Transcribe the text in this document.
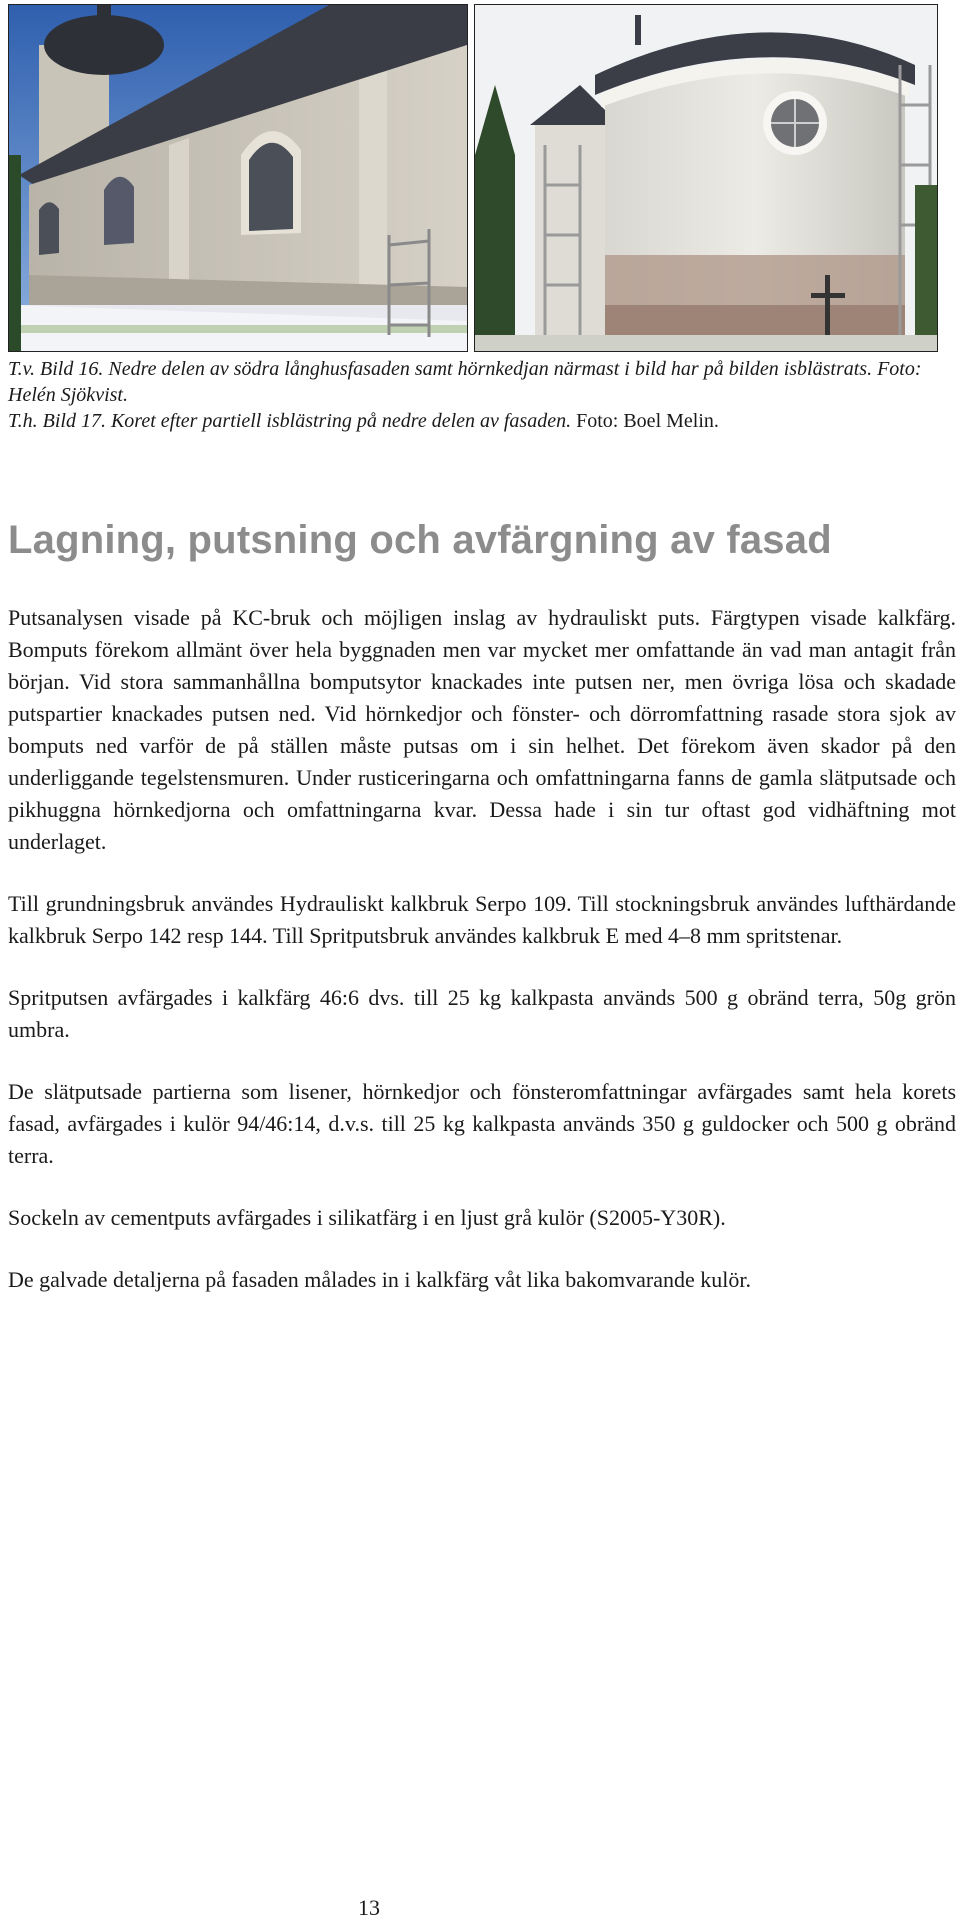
T.v. Bild 16. Nedre delen av södra långhusfasaden samt hörnkedjan närmast i bild har på bilden isblästrats. Foto: Helén Sjökvist.

T.h. Bild 17. Koret efter partiell isblästring på nedre delen av fasaden. Foto: Boel Melin.

Lagning, putsning och avfärgning av fasad

Putsanalysen visade på KC-bruk och möjligen inslag av hydrauliskt puts. Färgtypen visade kalkfärg. Bomputs förekom allmänt över hela byggnaden men var mycket mer omfattande än vad man antagit från början. Vid stora sammanhållna bomputsytor knackades inte putsen ner, men övriga lösa och skadade putspartier knackades putsen ned. Vid hörnkedjor och fönster- och dörromfattning rasade stora sjok av bomputs ned varför de på ställen måste putsas om i sin helhet. Det förekom även skador på den underliggande tegelstensmuren. Under rusticeringarna och omfattningarna fanns de gamla slätputsade och pikhuggna hörnkedjorna och omfattningarna kvar. Dessa hade i sin tur oftast god vidhäftning mot underlaget.

Till grundningsbruk användes Hydrauliskt kalkbruk Serpo 109. Till stockningsbruk användes lufthärdande kalkbruk Serpo 142 resp 144. Till Spritputsbruk användes kalkbruk E med 4–8 mm spritstenar.

Spritputsen avfärgades i kalkfärg 46:6 dvs. till 25 kg kalkpasta används 500 g obränd terra, 50g grön umbra.

De slätputsade partierna som lisener, hörnkedjor och fönsteromfattningar avfärgades samt hela korets fasad, avfärgades i kulör 94/46:14, d.v.s. till 25 kg kalkpasta används 350 g guldocker och 500 g obränd terra.

Sockeln av cementputs avfärgades i silikatfärg i en ljust grå kulör (S2005-Y30R).

De galvade detaljerna på fasaden målades in i kalkfärg våt lika bakomvarande kulör.

13
